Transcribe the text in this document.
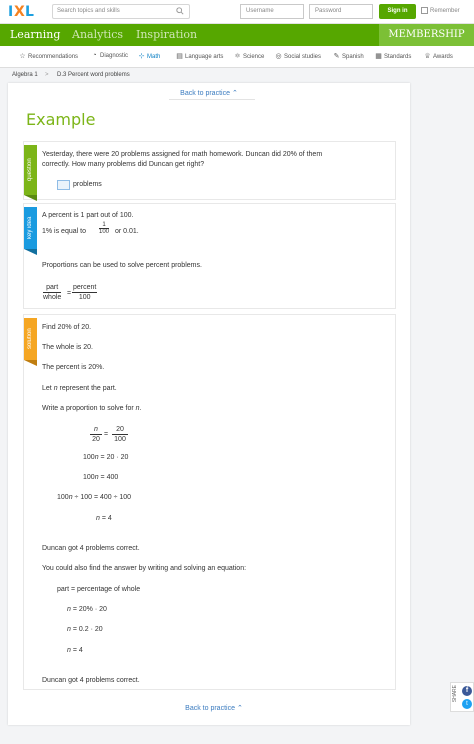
I X L	Search topics and skills	Username	Password	Sign in	Remember
Learning Analytics Inspiration	MEMBERSHIP
☆ Recommendations ◔ Diagnostic ⊹ Math ▤ Language arts ⚛ Science ◎ Social studies ✎ Spanish ▦ Standards ♕ Awards
Algebra 1 > D.3 Percent word problems
Back to practice ⌃
Example
question
Yesterday, there were 20 problems assigned for math homework. Duncan did 20% of them
correctly. How many problems did Duncan get right?
problems
key idea
A percent is 1 part out of 100.
1% is equal to $\frac{1}{100}$ or 0.01.
Proportions can be used to solve percent problems.
part
whole
=
percent
100
solution
Find 20% of 20.
The whole is 20.
The percent is 20%.
Let n represent the part.
Write a proportion to solve for n.
$\frac{n}{20} = \frac{20}{100}$
100n = 20 · 20
100n = 400
100n ÷ 100 = 400 ÷ 100
n = 4
Duncan got 4 problems correct.
You could also find the answer by writing and solving an equation:
part = percentage of whole
n = 20% · 20
n = 0.2 · 20
n = 4
Duncan got 4 problems correct.
Back to practice ⌃
SHARE	f
t
